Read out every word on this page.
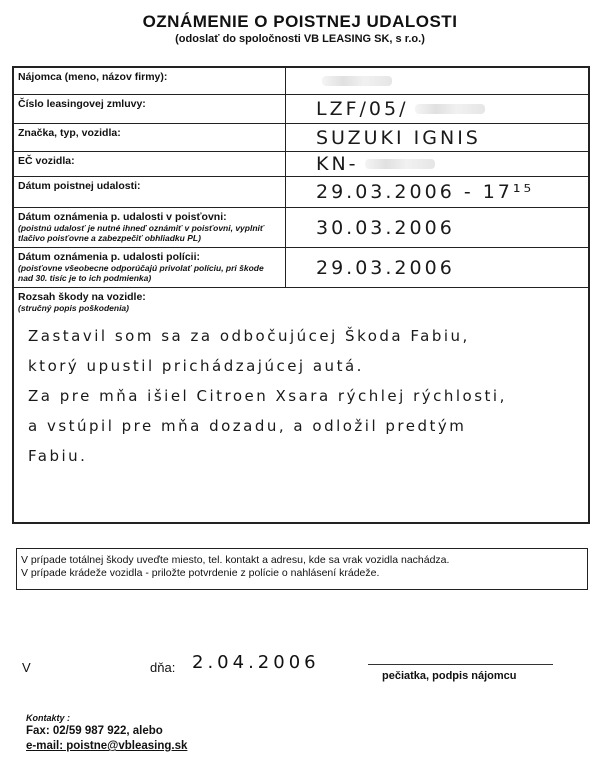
OZNÁMENIE O POISTNEJ UDALOSTI
(odoslať do spoločnosti VB LEASING SK, s r.o.)
Nájomca (meno, názov firmy):
Číslo leasingovej zmluvy:	LZF/05/
Značka, typ, vozidla:	SUZUKI IGNIS
EČ vozidla:	KN-
Dátum poistnej udalosti:	29.03.2006 - 17¹⁵
Dátum oznámenia p. udalosti v poisťovni:
(poistnú udalosť je nutné ihneď oznámiť v poisťovni, vyplniť tlačivo poisťovne a zabezpečiť obhliadku PL)	30.03.2006
Dátum oznámenia p. udalosti polícii:
(poisťovne všeobecne odporúčajú privolať políciu, pri škode nad 30. tisíc je to ich podmienka)	29.03.2006
Rozsah škody na vozidle:
(stručný popis poškodenia)
Zastavil som sa za odbočujúcej Škoda Fabiu,
ktorý upustil prichádzajúcej autá.
Za pre mňa išiel Citroen Xsara rýchlej rýchlosti,
a vstúpil pre mňa dozadu, a odložil predtým
Fabiu.
V prípade totálnej škody uveďte miesto, tel. kontakt a adresu, kde sa vrak vozidla nachádza.
V prípade krádeže vozidla - priložte potvrdenie z polície o nahlásení krádeže.
V	dňa: 2.04.2006
pečiatka, podpis nájomcu
Kontakty :
Fax: 02/59 987 922, alebo
e-mail: poistne@vbleasing.sk
